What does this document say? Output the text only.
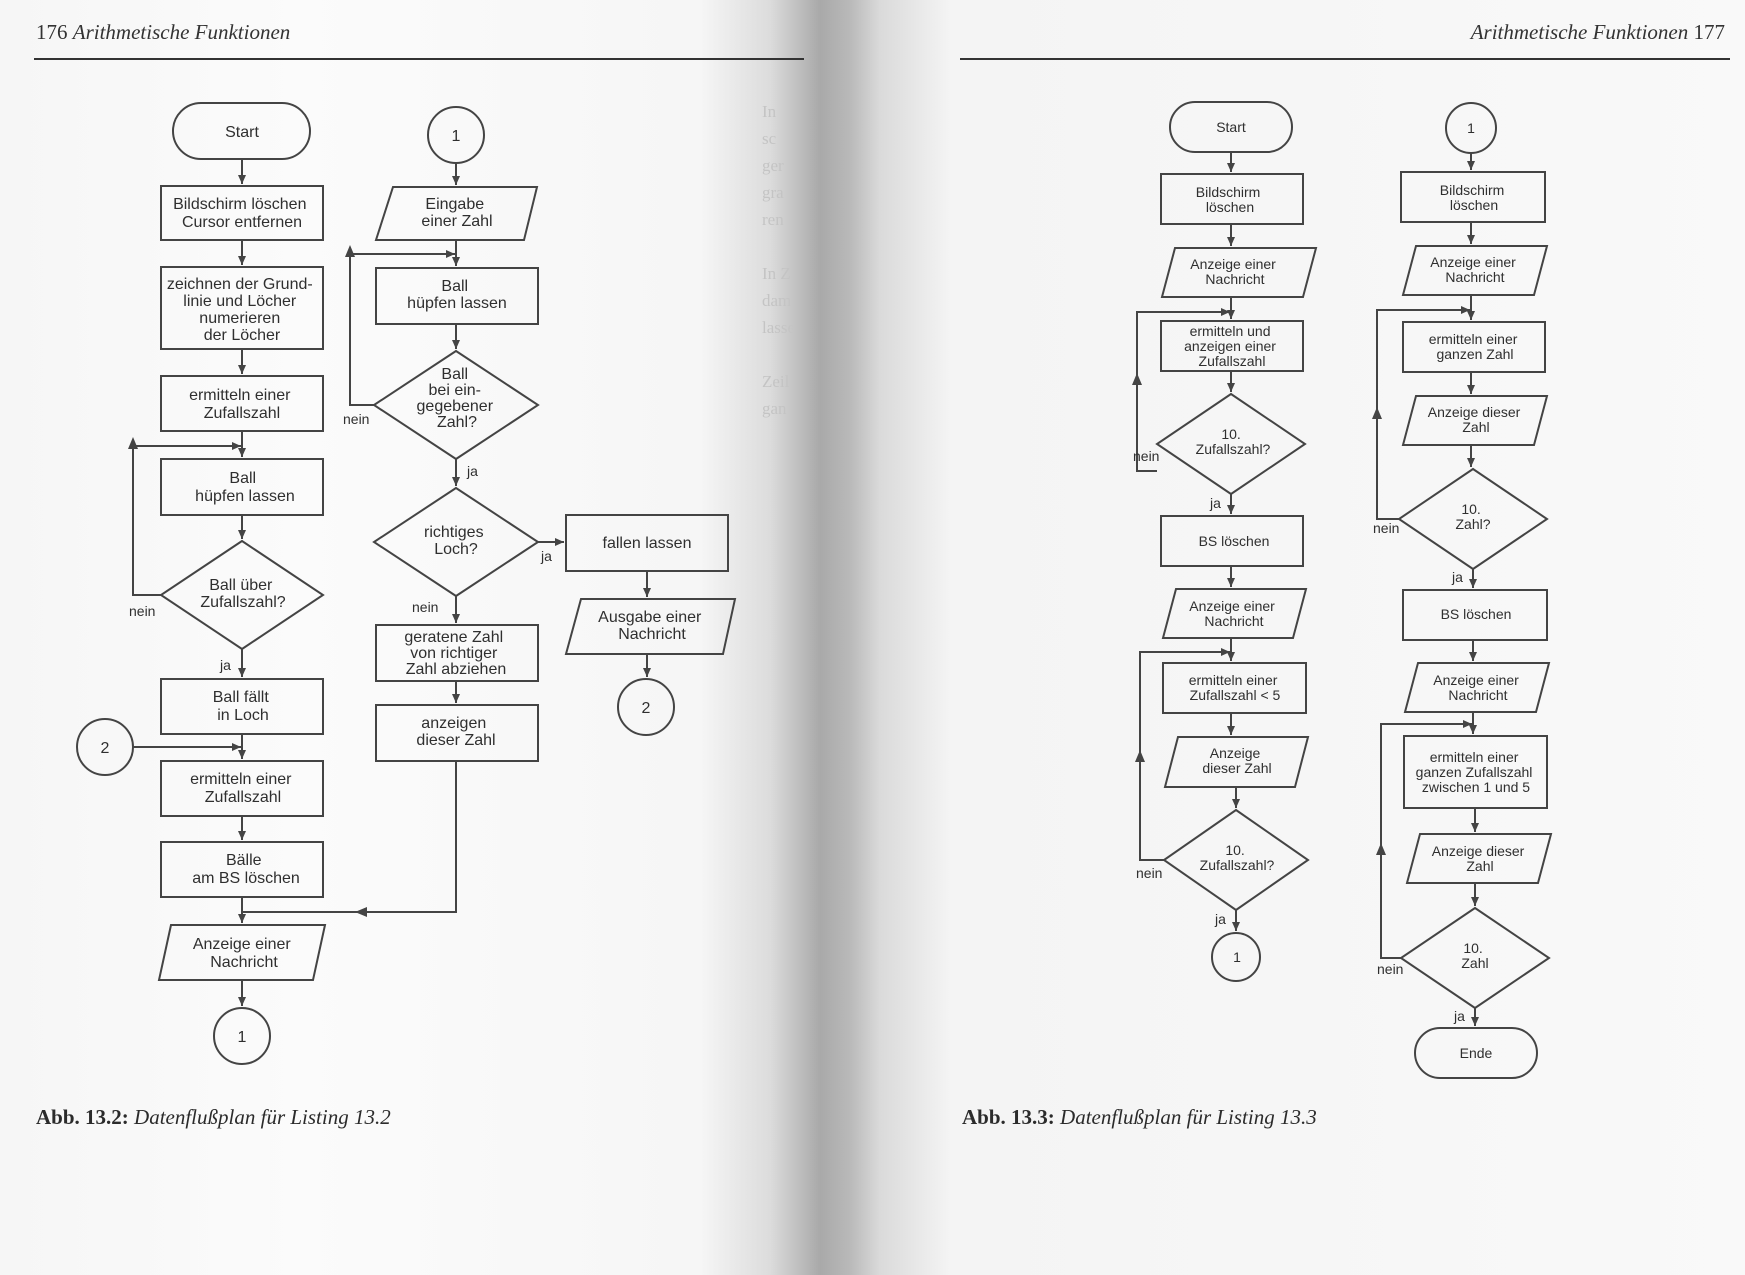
176 Arithmetische Funktionen	Arithmetische Funktionen 177
In
sc
ger
gra
ren

In Z
dam
lasse

Zeil
gan
Start
Bildschirm löschen Cursor entfernen
zeichnen der Grund- linie und Löcher numerieren der Löcher
ermitteln einer Zufallszahl
Ball hüpfen lassen
Ball über Zufallszahl?
nein
ja
Ball fällt in Loch
2
ermitteln einer Zufallszahl
Bälle am BS löschen
Anzeige einer Nachricht
1
1
Eingabe einer Zahl
Ball hüpfen lassen
Ball bei ein- gegebener Zahl?
nein
ja
richtiges Loch?	ja
nein
fallen lassen
Ausgabe einer Nachricht
2
geratene Zahl von richtiger Zahl abziehen
anzeigen dieser Zahl
Start
Bildschirm löschen
Anzeige einer Nachricht
ermitteln und anzeigen einer Zufallszahl
10. Zufallszahl?
nein
ja
BS löschen
Anzeige einer Nachricht
ermitteln einer Zufallszahl < 5
Anzeige dieser Zahl
10. Zufallszahl?
nein
ja
1
1
Bildschirm löschen
Anzeige einer Nachricht
ermitteln einer ganzen Zahl
Anzeige dieser Zahl
10. Zahl?
nein
ja
BS löschen
Anzeige einer Nachricht
ermitteln einer ganzen Zufallszahl zwischen 1 und 5
Anzeige dieser Zahl
10. Zahl
nein
ja
Ende
Abb. 13.2: Datenflußplan für Listing 13.2	Abb. 13.3: Datenflußplan für Listing 13.3
